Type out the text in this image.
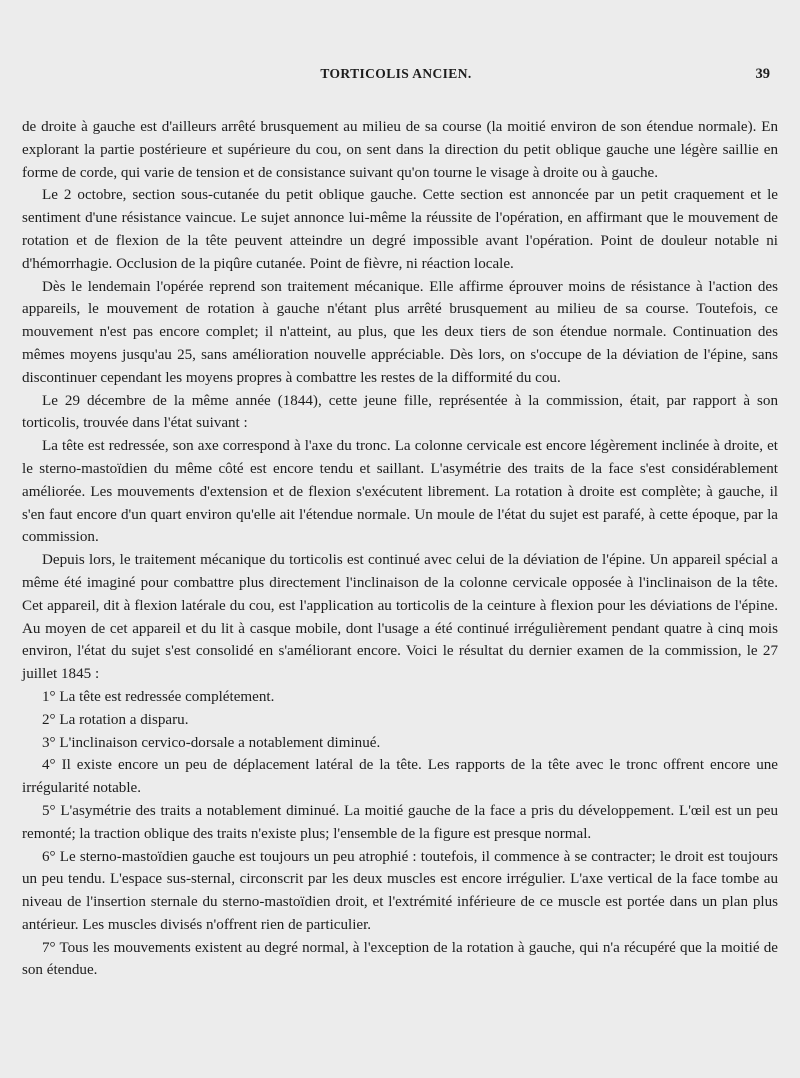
TORTICOLIS ANCIEN.	39

de droite à gauche est d'ailleurs arrêté brusquement au milieu de sa course (la moitié environ de son étendue normale). En explorant la partie postérieure et supérieure du cou, on sent dans la direction du petit oblique gauche une légère saillie en forme de corde, qui varie de tension et de consistance suivant qu'on tourne le visage à droite ou à gauche.

Le 2 octobre, section sous-cutanée du petit oblique gauche. Cette section est annoncée par un petit craquement et le sentiment d'une résistance vaincue. Le sujet annonce lui-même la réussite de l'opération, en affirmant que le mouvement de rotation et de flexion de la tête peuvent atteindre un degré impossible avant l'opération. Point de douleur notable ni d'hémorrhagie. Occlusion de la piqûre cutanée. Point de fièvre, ni réaction locale.

Dès le lendemain l'opérée reprend son traitement mécanique. Elle affirme éprouver moins de résistance à l'action des appareils, le mouvement de rotation à gauche n'étant plus arrêté brusquement au milieu de sa course. Toutefois, ce mouvement n'est pas encore complet; il n'atteint, au plus, que les deux tiers de son étendue normale. Continuation des mêmes moyens jusqu'au 25, sans amélioration nouvelle appréciable. Dès lors, on s'occupe de la déviation de l'épine, sans discontinuer cependant les moyens propres à combattre les restes de la difformité du cou.

Le 29 décembre de la même année (1844), cette jeune fille, représentée à la commission, était, par rapport à son torticolis, trouvée dans l'état suivant :

La tête est redressée, son axe correspond à l'axe du tronc. La colonne cervicale est encore légèrement inclinée à droite, et le sterno-mastoïdien du même côté est encore tendu et saillant. L'asymétrie des traits de la face s'est considérablement améliorée. Les mouvements d'extension et de flexion s'exécutent librement. La rotation à droite est complète; à gauche, il s'en faut encore d'un quart environ qu'elle ait l'étendue normale. Un moule de l'état du sujet est parafé, à cette époque, par la commission.

Depuis lors, le traitement mécanique du torticolis est continué avec celui de la déviation de l'épine. Un appareil spécial a même été imaginé pour combattre plus directement l'inclinaison de la colonne cervicale opposée à l'inclinaison de la tête. Cet appareil, dit à flexion latérale du cou, est l'application au torticolis de la ceinture à flexion pour les déviations de l'épine. Au moyen de cet appareil et du lit à casque mobile, dont l'usage a été continué irrégulièrement pendant quatre à cinq mois environ, l'état du sujet s'est consolidé en s'améliorant encore. Voici le résultat du dernier examen de la commission, le 27 juillet 1845 :

1° La tête est redressée complétement.

2° La rotation a disparu.

3° L'inclinaison cervico-dorsale a notablement diminué.

4° Il existe encore un peu de déplacement latéral de la tête. Les rapports de la tête avec le tronc offrent encore une irrégularité notable.

5° L'asymétrie des traits a notablement diminué. La moitié gauche de la face a pris du développement. L'œil est un peu remonté; la traction oblique des traits n'existe plus; l'ensemble de la figure est presque normal.

6° Le sterno-mastoïdien gauche est toujours un peu atrophié : toutefois, il commence à se contracter; le droit est toujours un peu tendu. L'espace sus-sternal, circonscrit par les deux muscles est encore irrégulier. L'axe vertical de la face tombe au niveau de l'insertion sternale du sterno-mastoïdien droit, et l'extrémité inférieure de ce muscle est portée dans un plan plus antérieur. Les muscles divisés n'offrent rien de particulier.

7° Tous les mouvements existent au degré normal, à l'exception de la rotation à gauche, qui n'a récupéré que la moitié de son étendue.
